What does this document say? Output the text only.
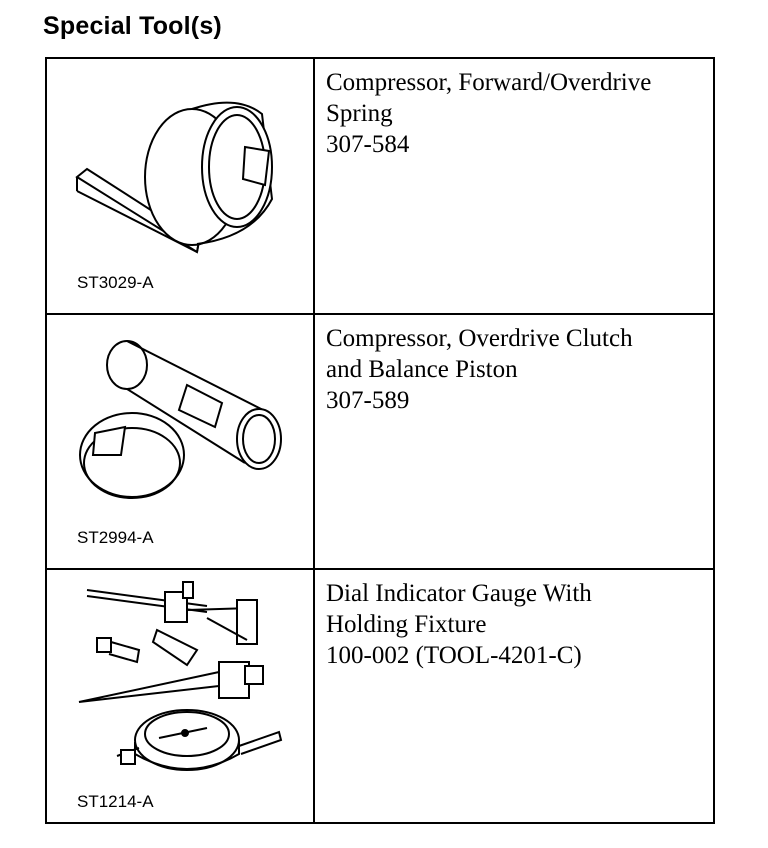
Special Tool(s)
ST3029-A	Compressor, Forward/Overdrive
Spring
307-584

ST2994-A	Compressor, Overdrive Clutch
and Balance Piston
307-589

ST1214-A	Dial Indicator Gauge With
Holding Fixture
100-002 (TOOL-4201-C)
